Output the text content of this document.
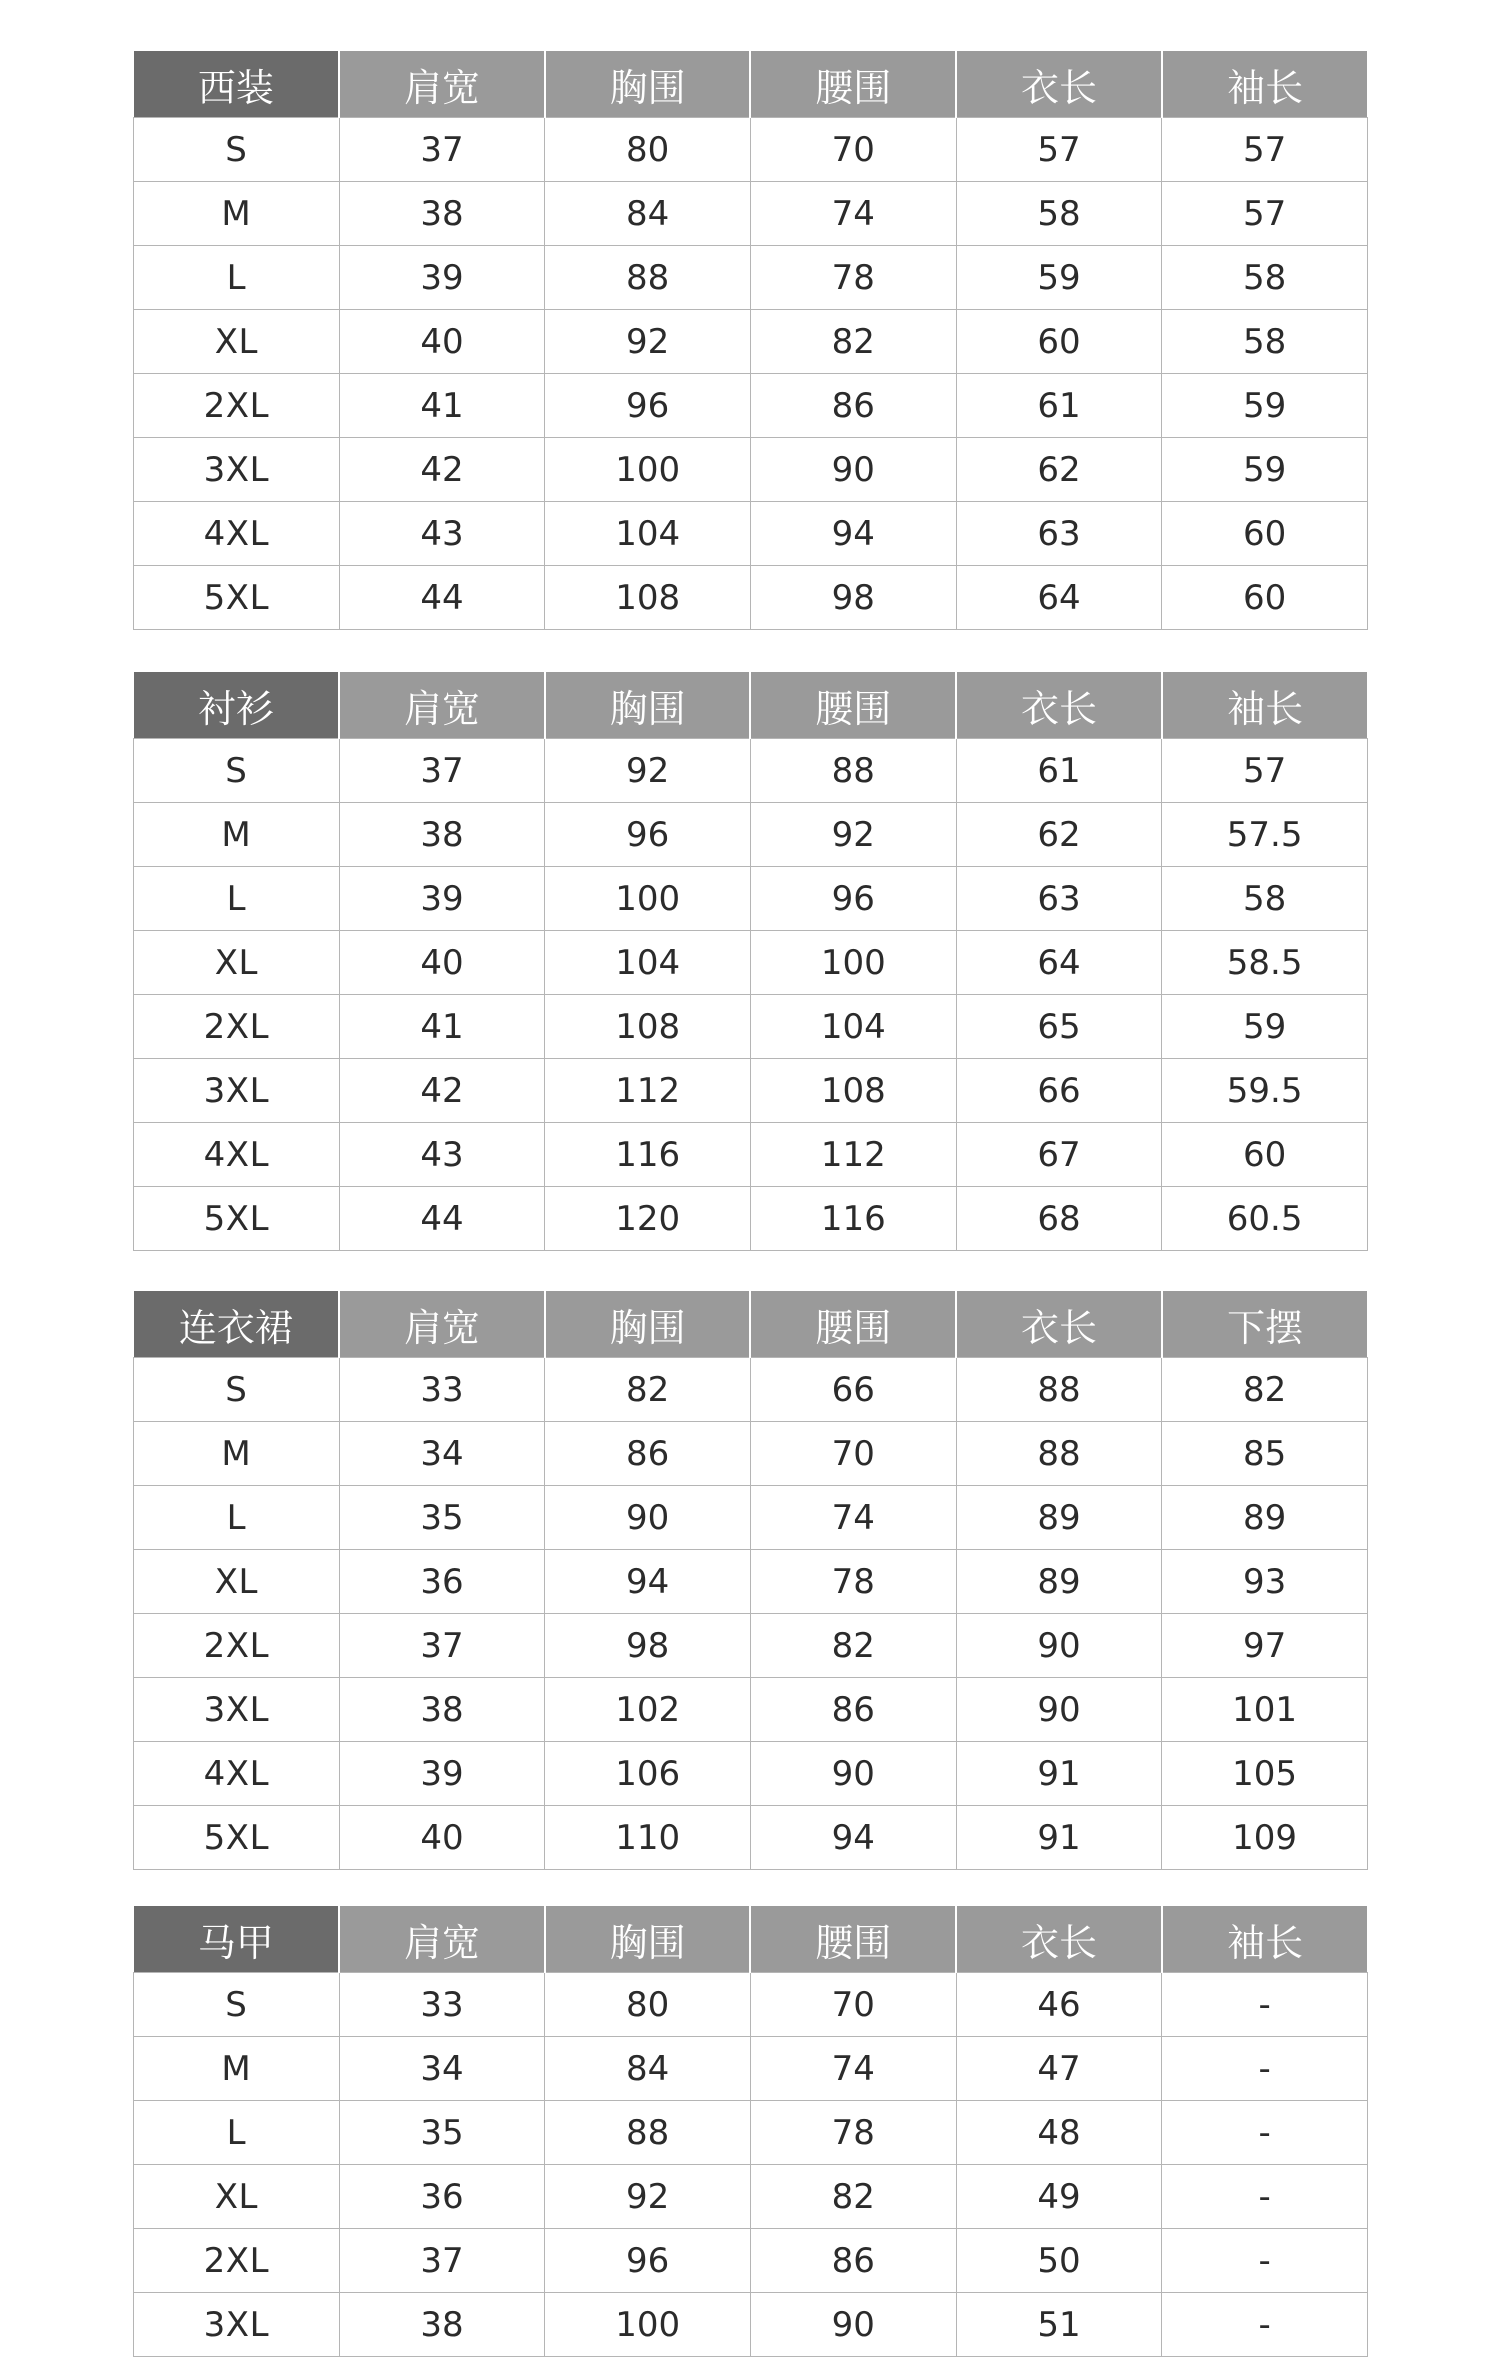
西装	肩宽	胸围	腰围	衣长	袖长
S	37	80	70	57	57
M	38	84	74	58	57
L	39	88	78	59	58
XL	40	92	82	60	58
2XL	41	96	86	61	59
3XL	42	100	90	62	59
4XL	43	104	94	63	60
5XL	44	108	98	64	60
衬衫	肩宽	胸围	腰围	衣长	袖长
S	37	92	88	61	57
M	38	96	92	62	57.5
L	39	100	96	63	58
XL	40	104	100	64	58.5
2XL	41	108	104	65	59
3XL	42	112	108	66	59.5
4XL	43	116	112	67	60
5XL	44	120	116	68	60.5
连衣裙	肩宽	胸围	腰围	衣长	下摆
S	33	82	66	88	82
M	34	86	70	88	85
L	35	90	74	89	89
XL	36	94	78	89	93
2XL	37	98	82	90	97
3XL	38	102	86	90	101
4XL	39	106	90	91	105
5XL	40	110	94	91	109
马甲	肩宽	胸围	腰围	衣长	袖长
S	33	80	70	46	-
M	34	84	74	47	-
L	35	88	78	48	-
XL	36	92	82	49	-
2XL	37	96	86	50	-
3XL	38	100	90	51	-
